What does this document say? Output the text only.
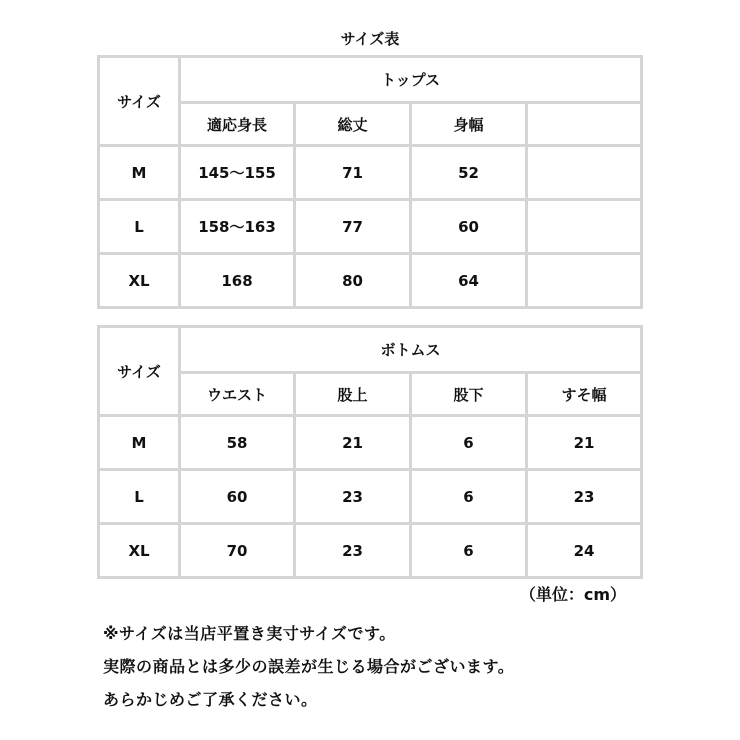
サイズ表
サイズ	トップス			
	適応身長	総丈	身幅	
M	145～155	71	52	
L	158～163	77	60	
XL	168	80	64	
サイズ	ボトムス			
	ウエスト	股上	股下	すそ幅
M	58	21	6	21
L	60	23	6	23
XL	70	23	6	24
（単位：cm）
※サイズは当店平置き実寸サイズです。
実際の商品とは多少の誤差が生じる場合がございます。
あらかじめご了承ください。
